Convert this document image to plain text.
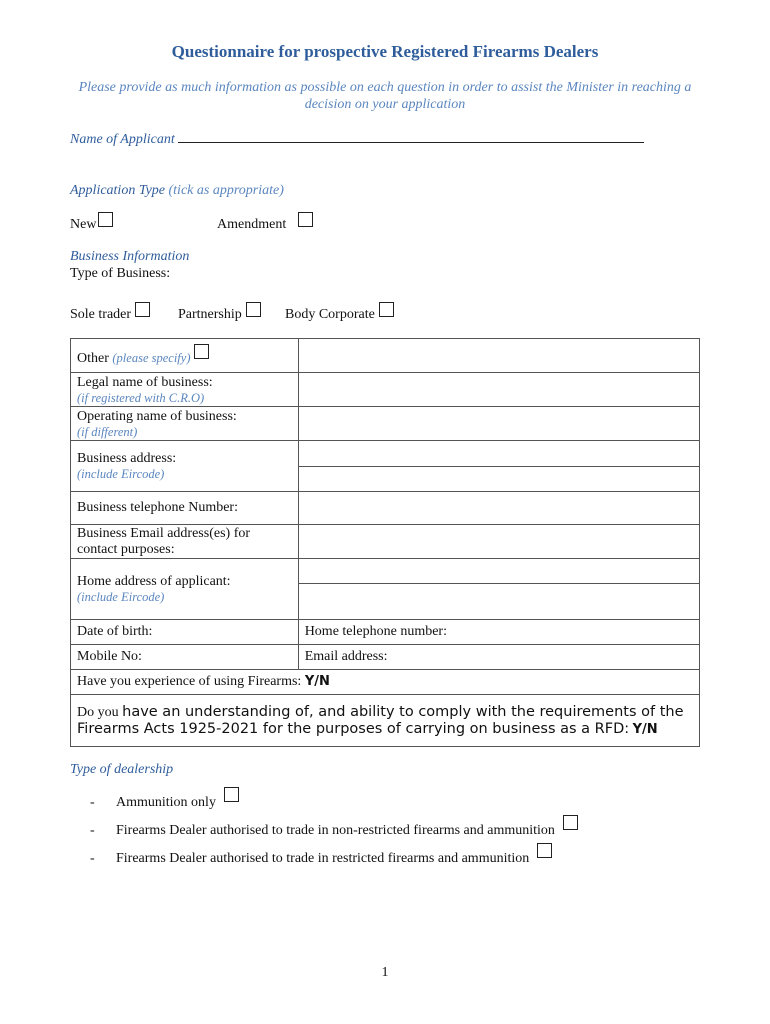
Questionnaire for prospective Registered Firearms Dealers
Please provide as much information as possible on each question in order to assist the Minister in reaching a decision on your application
Name of Applicant
Application Type (tick as appropriate)
New	Amendment
Business Information
Type of Business:
Sole trader	Partnership	Body Corporate
Other (please specify)	
Legal name of business:
(if registered with C.R.O)	

Operating name of business:
(if different)	

Business address:
(include Eircode)	

Business telephone Number:	
Business Email address(es) for contact purposes:	
Home address of applicant:
(include Eircode)	

Date of birth:	Home telephone number:
Mobile No:	Email address:
Have you experience of using Firearms: Y/N	
Do you have an understanding of, and ability to comply with the requirements of the Firearms Acts 1925-2021 for the purposes of carrying on business as a RFD: Y/N	
Type of dealership
- Ammunition only
- Firearms Dealer authorised to trade in non-restricted firearms and ammunition
- Firearms Dealer authorised to trade in restricted firearms and ammunition
1
